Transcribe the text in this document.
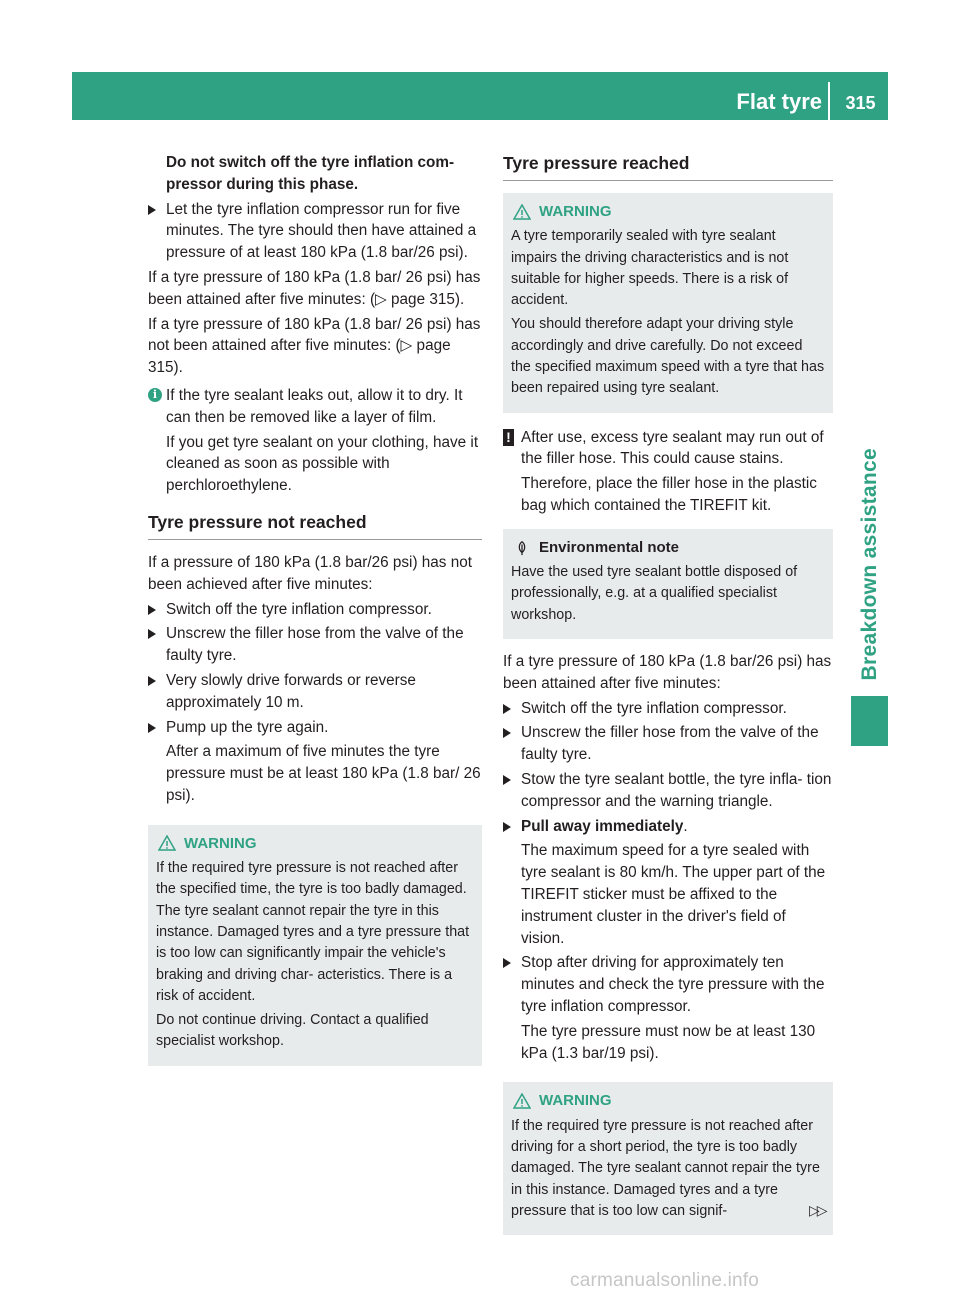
Flat tyre	315
Breakdown assistance

Do not switch off the tyre inflation com- pressor during this phase.

Let the tyre inflation compressor run for five minutes. The tyre should then have attained a pressure of at least 180 kPa (1.8 bar/26 psi).

If a tyre pressure of 180 kPa (1.8 bar/ 26 psi) has been attained after five minutes: (▷ page 315).

If a tyre pressure of 180 kPa (1.8 bar/ 26 psi) has not been attained after five minutes: (▷ page 315).

i If the tyre sealant leaks out, allow it to dry. It can then be removed like a layer of film.

If you get tyre sealant on your clothing, have it cleaned as soon as possible with perchloroethylene.

Tyre pressure not reached

If a pressure of 180 kPa (1.8 bar/26 psi) has not been achieved after five minutes:

Switch off the tyre inflation compressor.
Unscrew the filler hose from the valve of the faulty tyre.
Very slowly drive forwards or reverse approximately 10 m.
Pump up the tyre again.

After a maximum of five minutes the tyre pressure must be at least 180 kPa (1.8 bar/ 26 psi).

WARNING

If the required tyre pressure is not reached after the specified time, the tyre is too badly damaged. The tyre sealant cannot repair the tyre in this instance. Damaged tyres and a tyre pressure that is too low can significantly impair the vehicle's braking and driving char- acteristics. There is a risk of accident.

Do not continue driving. Contact a qualified specialist workshop.

Tyre pressure reached
WARNING

A tyre temporarily sealed with tyre sealant impairs the driving characteristics and is not suitable for higher speeds. There is a risk of accident.

You should therefore adapt your driving style accordingly and drive carefully. Do not exceed the specified maximum speed with a tyre that has been repaired using tyre sealant.

! After use, excess tyre sealant may run out of the filler hose. This could cause stains.

Therefore, place the filler hose in the plastic bag which contained the TIREFIT kit.

Environmental note

Have the used tyre sealant bottle disposed of professionally, e.g. at a qualified specialist workshop.

If a tyre pressure of 180 kPa (1.8 bar/26 psi) has been attained after five minutes:

Switch off the tyre inflation compressor.
Unscrew the filler hose from the valve of the faulty tyre.
Stow the tyre sealant bottle, the tyre infla- tion compressor and the warning triangle.
Pull away immediately.

The maximum speed for a tyre sealed with tyre sealant is 80 km/h. The upper part of the TIREFIT sticker must be affixed to the instrument cluster in the driver's field of vision.

Stop after driving for approximately ten minutes and check the tyre pressure with the tyre inflation compressor.

The tyre pressure must now be at least 130 kPa (1.3 bar/19 psi).

WARNING

If the required tyre pressure is not reached after driving for a short period, the tyre is too badly damaged. The tyre sealant cannot repair the tyre in this instance. Damaged tyres and a tyre pressure that is too low can signif-	▷▷
carmanualsonline.info
